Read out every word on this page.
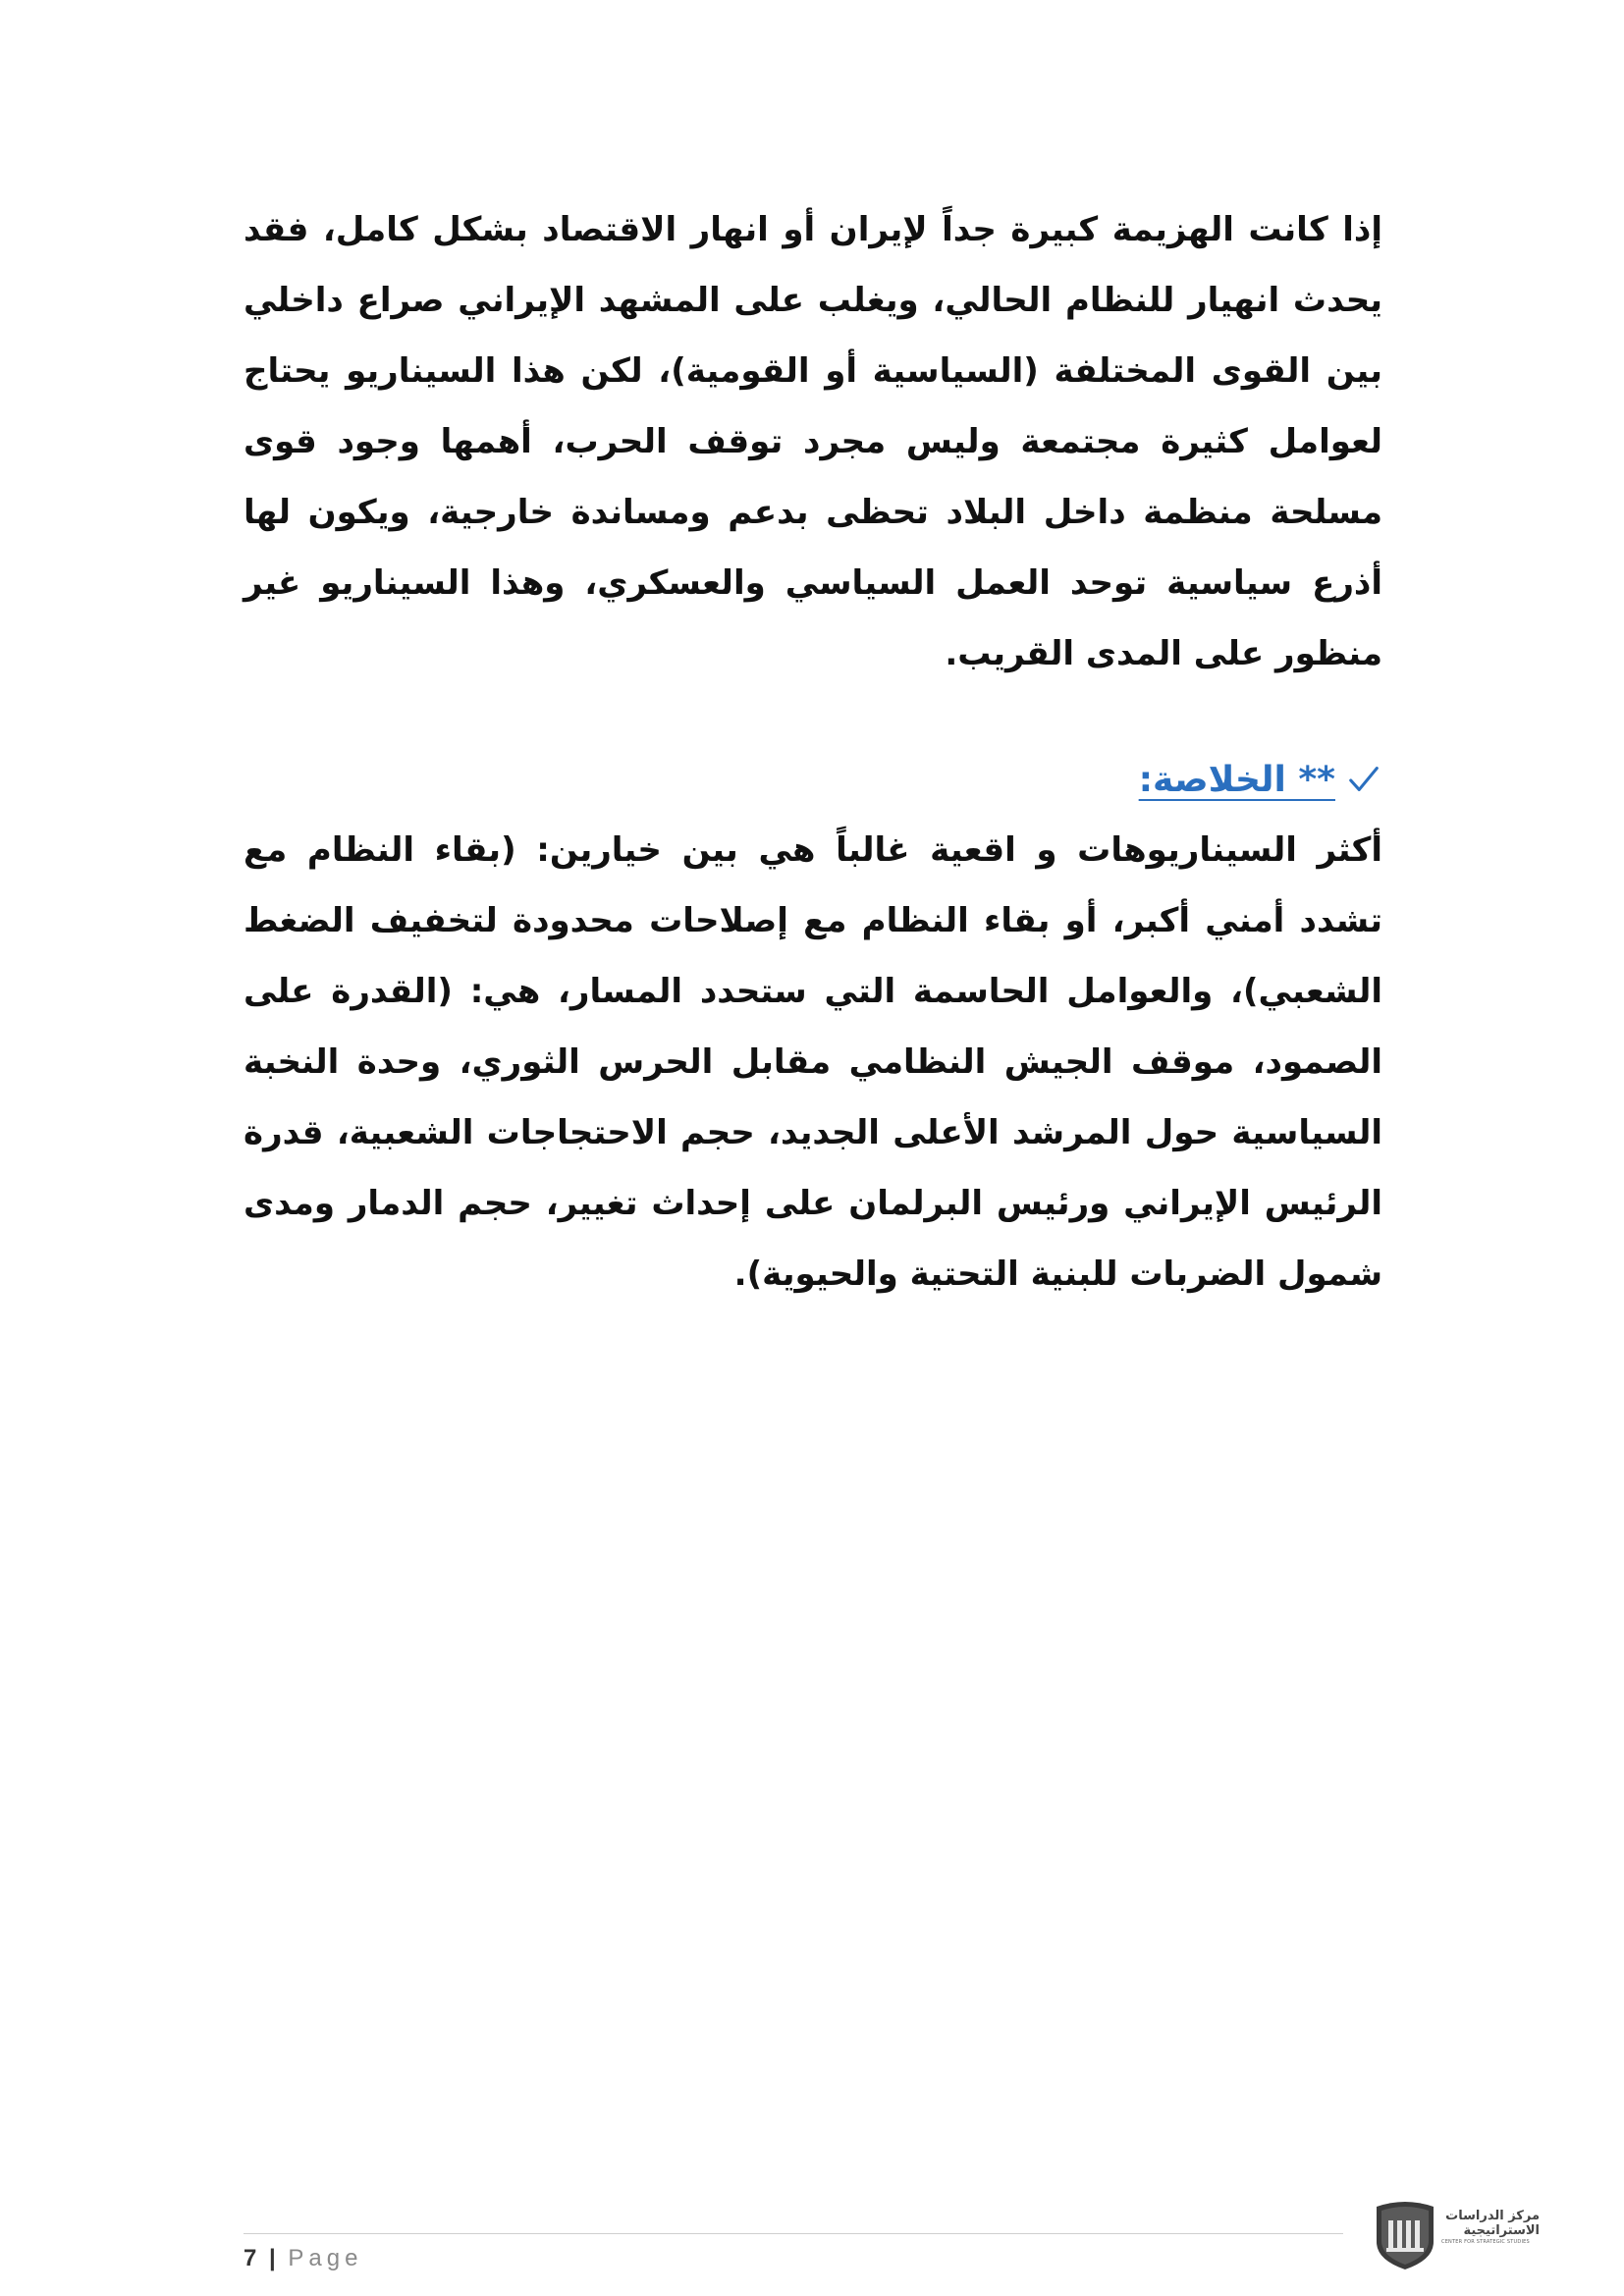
إذا كانت الهزيمة كبيرة جداً لإيران أو انهار الاقتصاد بشكل كامل، فقد يحدث انهيار للنظام الحالي، ويغلب على المشهد الإيراني صراع داخلي بين القوى المختلفة (السياسية أو القومية)، لكن هذا السيناريو يحتاج لعوامل كثيرة مجتمعة وليس مجرد توقف الحرب، أهمها وجود قوى مسلحة منظمة داخل البلاد تحظى بدعم ومساندة خارجية، ويكون لها أذرع سياسية توحد العمل السياسي والعسكري، وهذا السيناريو غير منظور على المدى القريب.

** الخلاصة:

أكثر السيناريوهات و اقعية غالباً هي بين خيارين: (بقاء النظام مع تشدد أمني أكبر، أو بقاء النظام مع إصلاحات محدودة لتخفيف الضغط الشعبي)، والعوامل الحاسمة التي ستحدد المسار، هي: (القدرة على الصمود، موقف الجيش النظامي مقابل الحرس الثوري، وحدة النخبة السياسية حول المرشد الأعلى الجديد، حجم الاحتجاجات الشعبية، قدرة الرئيس الإيراني ورئيس البرلمان على إحداث تغيير، حجم الدمار ومدى شمول الضربات للبنية التحتية والحيوية).

7 | Page
مركز الدراسات
الاستراتيجية
CENTER FOR STRATEGIC STUDIES
